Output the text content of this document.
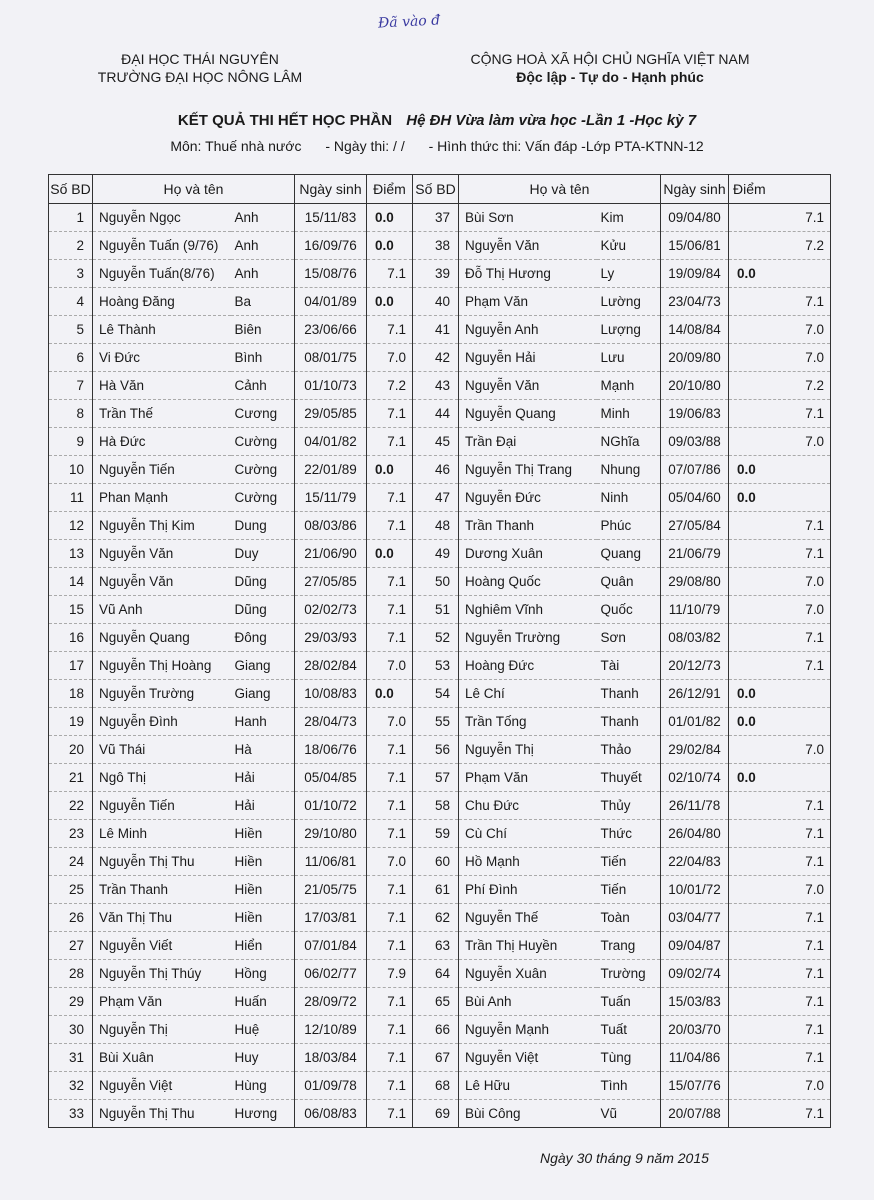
Đã vào đ
ĐẠI HỌC THÁI NGUYÊN
TRƯỜNG ĐẠI HỌC NÔNG LÂM
CỘNG HOÀ XÃ HỘI CHỦ NGHĨA VIỆT NAM
Độc lập - Tự do - Hạnh phúc
KẾT QUẢ THI HẾT HỌC PHẦN Hệ ĐH Vừa làm vừa học -Lần 1 -Học kỳ 7
Môn: Thuế nhà nước - Ngày thi: / / - Hình thức thi: Vấn đáp -Lớp PTA-KTNN-12
Số BD	Họ và tên		Ngày sinh	Điểm	Số BD	Họ và tên		Ngày sinh	Điểm
1	Nguyễn Ngọc	Anh	15/11/83	0.0	37	Bùi Sơn	Kim	09/04/80	7.1
2	Nguyễn Tuấn (9/76)	Anh	16/09/76	0.0	38	Nguyễn Văn	Kửu	15/06/81	7.2
3	Nguyễn Tuấn(8/76)	Anh	15/08/76	7.1	39	Đỗ Thị Hương	Ly	19/09/84	0.0
4	Hoàng Đăng	Ba	04/01/89	0.0	40	Phạm Văn	Lường	23/04/73	7.1
5	Lê Thành	Biên	23/06/66	7.1	41	Nguyễn Anh	Lượng	14/08/84	7.0
6	Vi Đức	Bình	08/01/75	7.0	42	Nguyễn Hải	Lưu	20/09/80	7.0
7	Hà Văn	Cảnh	01/10/73	7.2	43	Nguyễn Văn	Mạnh	20/10/80	7.2
8	Trần Thế	Cương	29/05/85	7.1	44	Nguyễn Quang	Minh	19/06/83	7.1
9	Hà Đức	Cường	04/01/82	7.1	45	Trần Đại	NGhĩa	09/03/88	7.0
10	Nguyễn Tiến	Cường	22/01/89	0.0	46	Nguyễn Thị Trang	Nhung	07/07/86	0.0
11	Phan Mạnh	Cường	15/11/79	7.1	47	Nguyễn Đức	Ninh	05/04/60	0.0
12	Nguyễn Thị Kim	Dung	08/03/86	7.1	48	Trần Thanh	Phúc	27/05/84	7.1
13	Nguyễn Văn	Duy	21/06/90	0.0	49	Dương Xuân	Quang	21/06/79	7.1
14	Nguyễn Văn	Dũng	27/05/85	7.1	50	Hoàng Quốc	Quân	29/08/80	7.0
15	Vũ Anh	Dũng	02/02/73	7.1	51	Nghiêm Vĩnh	Quốc	11/10/79	7.0
16	Nguyễn Quang	Đông	29/03/93	7.1	52	Nguyễn Trường	Sơn	08/03/82	7.1
17	Nguyễn Thị Hoàng	Giang	28/02/84	7.0	53	Hoàng Đức	Tài	20/12/73	7.1
18	Nguyễn Trường	Giang	10/08/83	0.0	54	Lê Chí	Thanh	26/12/91	0.0
19	Nguyễn Đình	Hanh	28/04/73	7.0	55	Trần Tống	Thanh	01/01/82	0.0
20	Vũ Thái	Hà	18/06/76	7.1	56	Nguyễn Thị	Thảo	29/02/84	7.0
21	Ngô Thị	Hải	05/04/85	7.1	57	Phạm Văn	Thuyết	02/10/74	0.0
22	Nguyễn Tiến	Hải	01/10/72	7.1	58	Chu Đức	Thủy	26/11/78	7.1
23	Lê Minh	Hiền	29/10/80	7.1	59	Cù Chí	Thức	26/04/80	7.1
24	Nguyễn Thị Thu	Hiền	11/06/81	7.0	60	Hồ Mạnh	Tiến	22/04/83	7.1
25	Trần Thanh	Hiền	21/05/75	7.1	61	Phí Đình	Tiến	10/01/72	7.0
26	Văn Thị Thu	Hiền	17/03/81	7.1	62	Nguyễn Thế	Toàn	03/04/77	7.1
27	Nguyễn Viết	Hiển	07/01/84	7.1	63	Trần Thị Huyền	Trang	09/04/87	7.1
28	Nguyễn Thị Thúy	Hồng	06/02/77	7.9	64	Nguyễn Xuân	Trường	09/02/74	7.1
29	Phạm Văn	Huấn	28/09/72	7.1	65	Bùi Anh	Tuấn	15/03/83	7.1
30	Nguyễn Thị	Huệ	12/10/89	7.1	66	Nguyễn Mạnh	Tuất	20/03/70	7.1
31	Bùi Xuân	Huy	18/03/84	7.1	67	Nguyễn Việt	Tùng	11/04/86	7.1
32	Nguyễn Việt	Hùng	01/09/78	7.1	68	Lê Hữu	Tình	15/07/76	7.0
33	Nguyễn Thị Thu	Hương	06/08/83	7.1	69	Bùi Công	Vũ	20/07/88	7.1
Ngày 30 tháng 9 năm 2015
